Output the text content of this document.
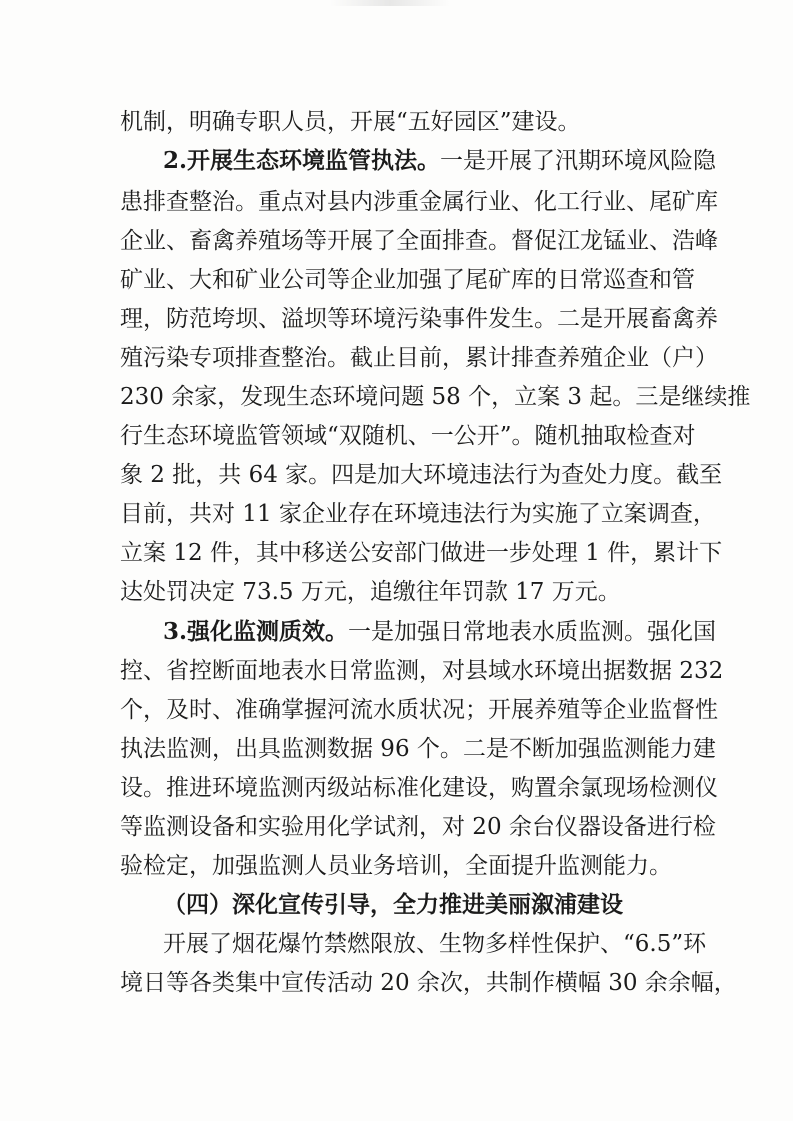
机制，明确专职人员，开展“五好园区”建设。
2.开展生态环境监管执法。一是开展了汛期环境风险隐
患排查整治。重点对县内涉重金属行业、化工行业、尾矿库
企业、畜禽养殖场等开展了全面排查。督促江龙锰业、浩峰
矿业、大和矿业公司等企业加强了尾矿库的日常巡查和管
理，防范垮坝、溢坝等环境污染事件发生。二是开展畜禽养
殖污染专项排查整治。截止目前，累计排查养殖企业（户）
230 余家，发现生态环境问题 58 个，立案 3 起。三是继续推
行生态环境监管领域“双随机、一公开”。随机抽取检查对
象 2 批，共 64 家。四是加大环境违法行为查处力度。截至
目前，共对 11 家企业存在环境违法行为实施了立案调查，
立案 12 件，其中移送公安部门做进一步处理 1 件，累计下
达处罚决定 73.5 万元，追缴往年罚款 17 万元。
3.强化监测质效。一是加强日常地表水质监测。强化国
控、省控断面地表水日常监测，对县域水环境出据数据 232
个，及时、准确掌握河流水质状况；开展养殖等企业监督性
执法监测，出具监测数据 96 个。二是不断加强监测能力建
设。推进环境监测丙级站标准化建设，购置余氯现场检测仪
等监测设备和实验用化学试剂，对 20 余台仪器设备进行检
验检定，加强监测人员业务培训，全面提升监测能力。
（四）深化宣传引导，全力推进美丽溆浦建设
开展了烟花爆竹禁燃限放、生物多样性保护、“6.5”环
境日等各类集中宣传活动 20 余次，共制作横幅 30 余余幅，
